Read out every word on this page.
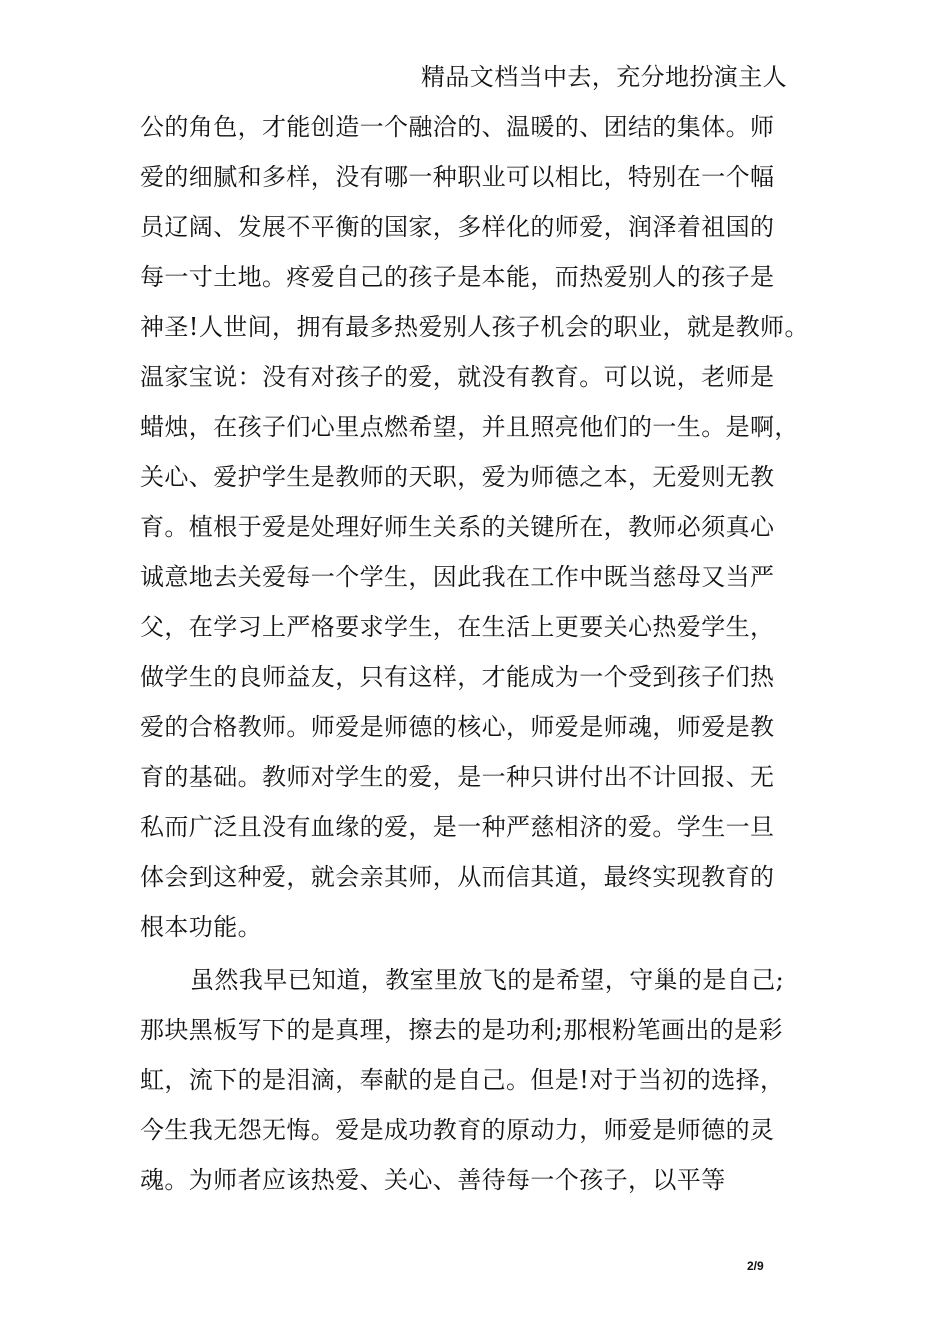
精品文档当中去，充分地扮演主人
公的角色，才能创造一个融洽的、温暖的、团结的集体。师
爱的细腻和多样，没有哪一种职业可以相比，特别在一个幅
员辽阔、发展不平衡的国家，多样化的师爱，润泽着祖国的
每一寸土地。疼爱自己的孩子是本能，而热爱别人的孩子是
神圣!人世间，拥有最多热爱别人孩子机会的职业，就是教师。
温家宝说：没有对孩子的爱，就没有教育。可以说，老师是
蜡烛，在孩子们心里点燃希望，并且照亮他们的一生。是啊，
关心、爱护学生是教师的天职，爱为师德之本，无爱则无教
育。植根于爱是处理好师生关系的关键所在，教师必须真心
诚意地去关爱每一个学生，因此我在工作中既当慈母又当严
父，在学习上严格要求学生，在生活上更要关心热爱学生，
做学生的良师益友，只有这样，才能成为一个受到孩子们热
爱的合格教师。师爱是师德的核心，师爱是师魂，师爱是教
育的基础。教师对学生的爱，是一种只讲付出不计回报、无
私而广泛且没有血缘的爱，是一种严慈相济的爱。学生一旦
体会到这种爱，就会亲其师，从而信其道，最终实现教育的
根本功能。
虽然我早已知道，教室里放飞的是希望，守巢的是自己;
那块黑板写下的是真理，擦去的是功利;那根粉笔画出的是彩
虹，流下的是泪滴，奉献的是自己。但是!对于当初的选择，
今生我无怨无悔。爱是成功教育的原动力，师爱是师德的灵
魂。为师者应该热爱、关心、善待每一个孩子，以平等
2/9
